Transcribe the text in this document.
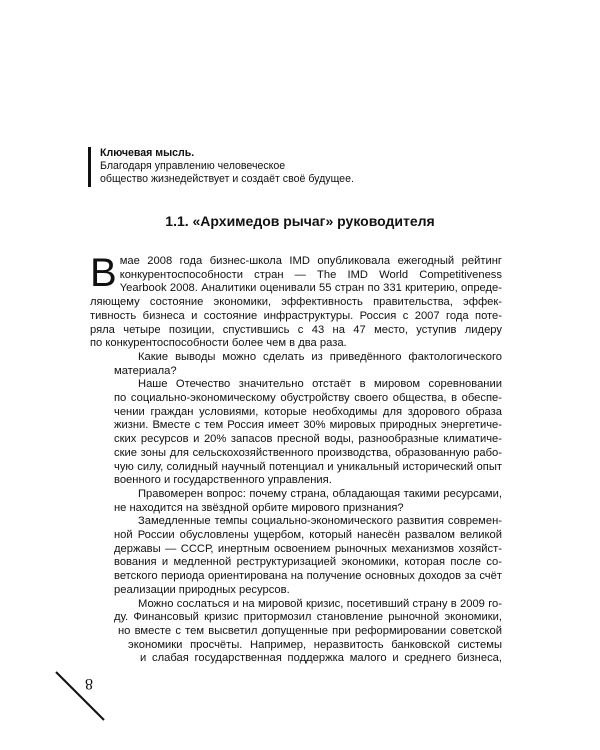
Ключевая мысль.
Благодаря управлению человеческое
общество жизнедействует и создаёт своё будущее.
1.1. «Архимедов рычаг» руководителя

В мае 2008 года бизнес-школа IMD опубликовала ежегодный рейтинг
конкурентоспособности стран — The IMD World Competitiveness
Yearbook 2008. Аналитики оценивали 55 стран по 331 критерию, опреде-
ляющему состояние экономики, эффективность правительства, эффек-
тивность бизнеса и состояние инфраструктуры. Россия с 2007 года поте-
ряла четыре позиции, спустившись с 43 на 47 место, уступив лидеру
по конкурентоспособности более чем в два раза.

Какие выводы можно сделать из приведённого фактологического
материала?

Наше Отечество значительно отстаёт в мировом соревновании
по социально-экономическому обустройству своего общества, в обеспе-
чении граждан условиями, которые необходимы для здорового образа
жизни. Вместе с тем Россия имеет 30% мировых природных энергетиче-
ских ресурсов и 20% запасов пресной воды, разнообразные климатиче-
ские зоны для сельскохозяйственного производства, образованную рабо-
чую силу, солидный научный потенциал и уникальный исторический опыт
военного и государственного управления.

Правомерен вопрос: почему страна, обладающая такими ресурсами,
не находится на звёздной орбите мирового признания?

Замедленные темпы социально-экономического развития современ-
ной России обусловлены ущербом, который нанесён развалом великой
державы — СССР, инертным освоением рыночных механизмов хозяйст-
вования и медленной реструктуризацией экономики, которая после со-
ветского периода ориентирована на получение основных доходов за счёт
реализации природных ресурсов.

Можно сослаться и на мировой кризис, посетивший страну в 2009 го-
ду. Финансовый кризис притормозил становление рыночной экономики,
но вместе с тем высветил допущенные при реформировании советской
экономики просчёты. Например, неразвитость банковской системы
и слабая государственная поддержка малого и среднего бизнеса,

8
